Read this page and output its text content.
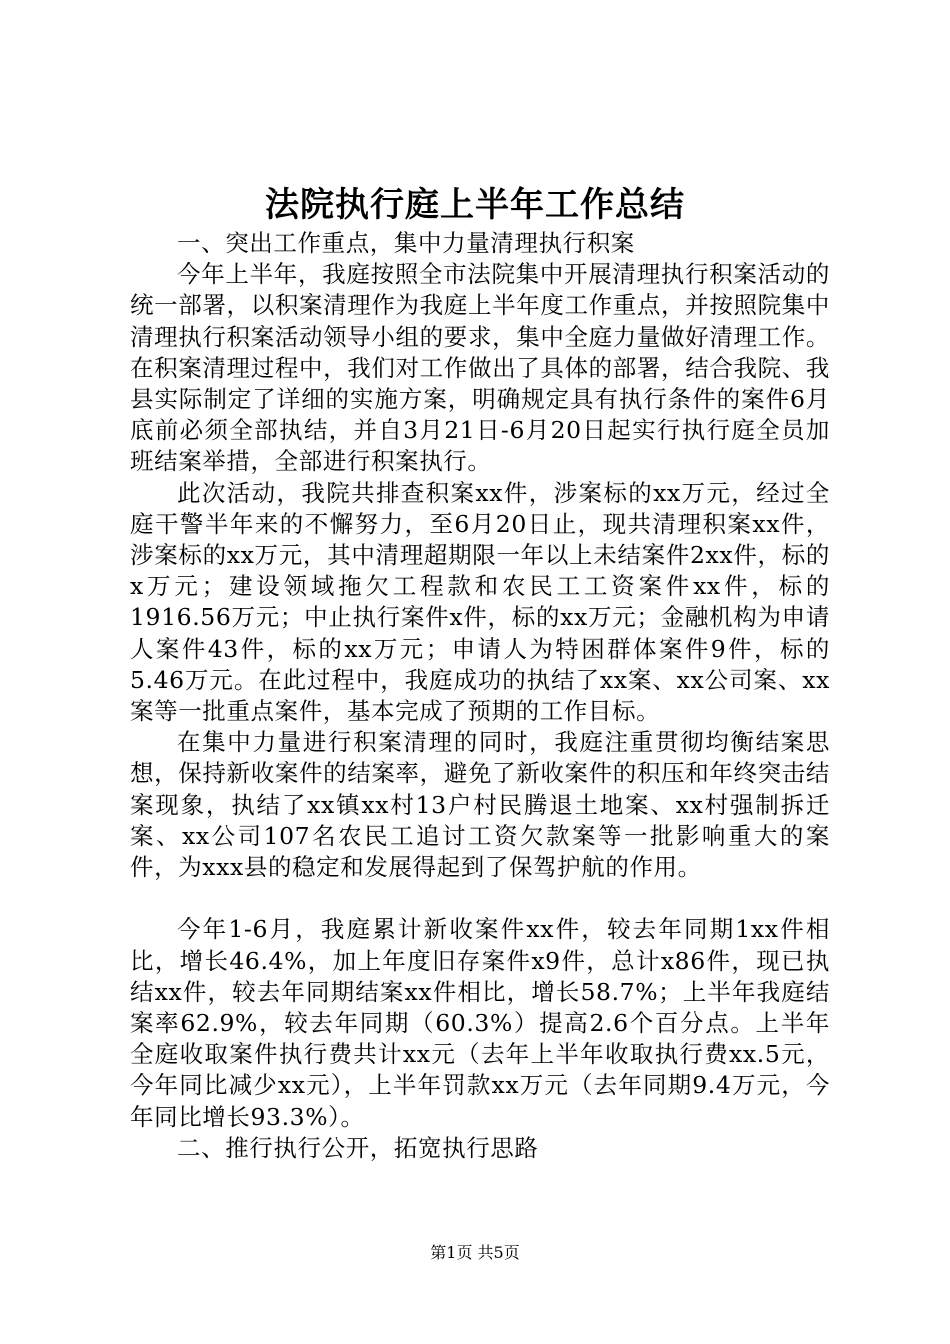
法院执行庭上半年工作总结

一、突出工作重点，集中力量清理执行积案

今年上半年，我庭按照全市法院集中开展清理执行积案活动的统一部署，以积案清理作为我庭上半年度工作重点，并按照院集中清理执行积案活动领导小组的要求，集中全庭力量做好清理工作。在积案清理过程中，我们对工作做出了具体的部署，结合我院、我县实际制定了详细的实施方案，明确规定具有执行条件的案件6月底前必须全部执结，并自3月21日-6月20日起实行执行庭全员加班结案举措，全部进行积案执行。

此次活动，我院共排查积案xx件，涉案标的xx万元，经过全庭干警半年来的不懈努力，至6月20日止，现共清理积案xx件，涉案标的xx万元，其中清理超期限一年以上未结案件2xx件，标的x万元；建设领域拖欠工程款和农民工工资案件xx件，标的1916.56万元；中止执行案件x件，标的xx万元；金融机构为申请人案件43件，标的xx万元；申请人为特困群体案件9件，标的5.46万元。在此过程中，我庭成功的执结了xx案、xx公司案、xx案等一批重点案件，基本完成了预期的工作目标。

在集中力量进行积案清理的同时，我庭注重贯彻均衡结案思想，保持新收案件的结案率，避免了新收案件的积压和年终突击结案现象，执结了xx镇xx村13户村民腾退土地案、xx村强制拆迁案、xx公司107名农民工追讨工资欠款案等一批影响重大的案件，为xxx县的稳定和发展得起到了保驾护航的作用。

今年1-6月，我庭累计新收案件xx件，较去年同期1xx件相比，增长46.4%，加上年度旧存案件x9件，总计x86件，现已执结xx件，较去年同期结案xx件相比，增长58.7%；上半年我庭结案率62.9%，较去年同期（60.3%）提高2.6个百分点。上半年全庭收取案件执行费共计xx元（去年上半年收取执行费xx.5元，今年同比减少xx元），上半年罚款xx万元（去年同期9.4万元，今年同比增长93.3%）。

二、推行执行公开，拓宽执行思路

第1页 共5页
